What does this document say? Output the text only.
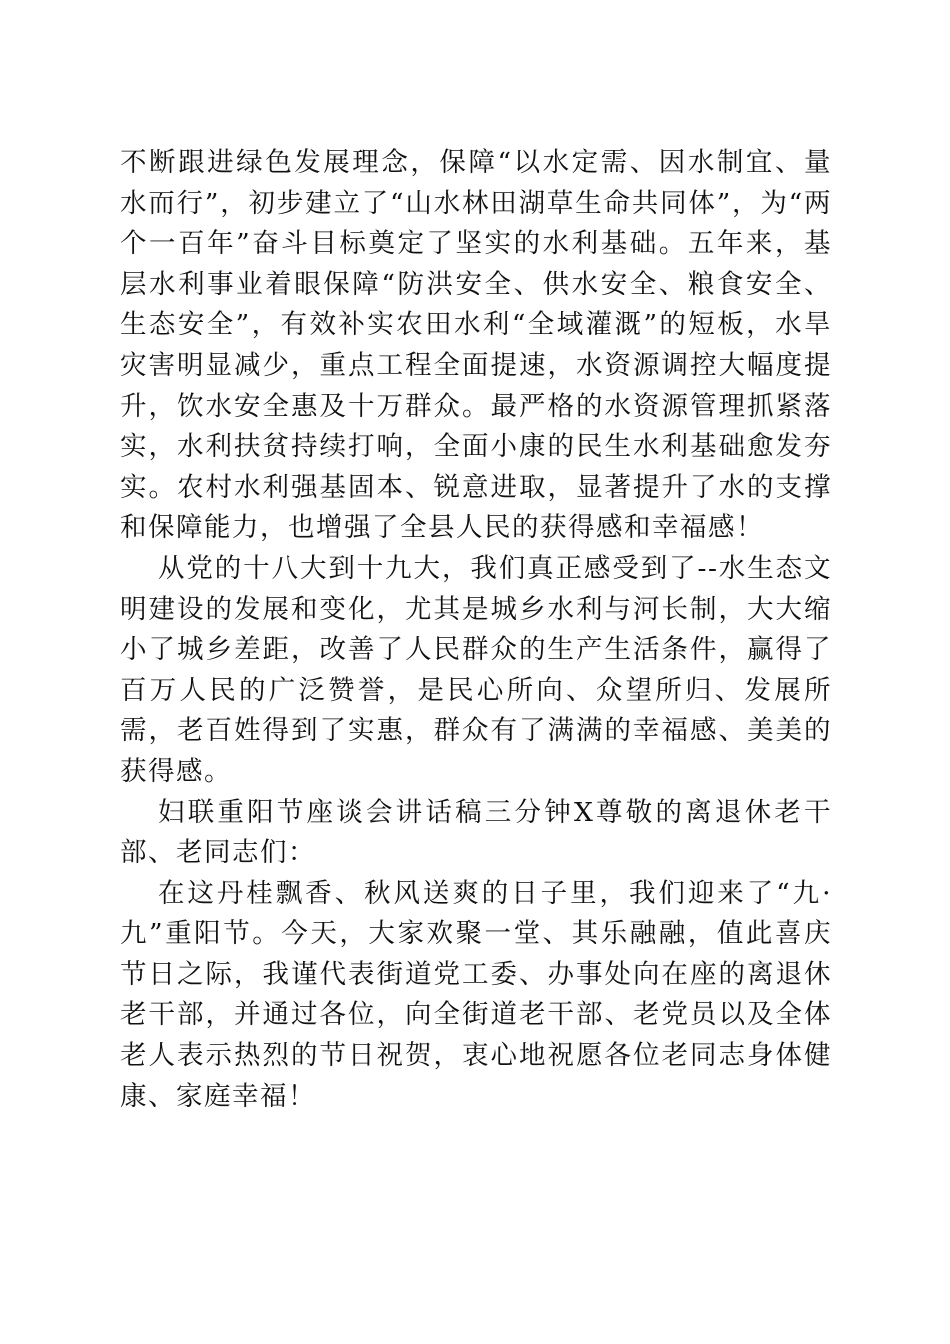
不断跟进绿色发展理念，保障“以水定需、因水制宜、量水而行”，初步建立了“山水林田湖草生命共同体”，为“两个一百年”奋斗目标奠定了坚实的水利基础。五年来，基层水利事业着眼保障“防洪安全、供水安全、粮食安全、生态安全”，有效补实农田水利“全域灌溉”的短板，水旱灾害明显减少，重点工程全面提速，水资源调控大幅度提升，饮水安全惠及十万群众。最严格的水资源管理抓紧落实，水利扶贫持续打响，全面小康的民生水利基础愈发夯实。农村水利强基固本、锐意进取，显著提升了水的支撑和保障能力，也增强了全县人民的获得感和幸福感！

从党的十八大到十九大，我们真正感受到了--水生态文明建设的发展和变化，尤其是城乡水利与河长制，大大缩小了城乡差距，改善了人民群众的生产生活条件，赢得了百万人民的广泛赞誉，是民心所向、众望所归、发展所需，老百姓得到了实惠，群众有了满满的幸福感、美美的获得感。

妇联重阳节座谈会讲话稿三分钟X尊敬的离退休老干部、老同志们：

在这丹桂飘香、秋风送爽的日子里，我们迎来了“九·九”重阳节。今天，大家欢聚一堂、其乐融融，值此喜庆节日之际，我谨代表街道党工委、办事处向在座的离退休老干部，并通过各位，向全街道老干部、老党员以及全体老人表示热烈的节日祝贺，衷心地祝愿各位老同志身体健康、家庭幸福！
